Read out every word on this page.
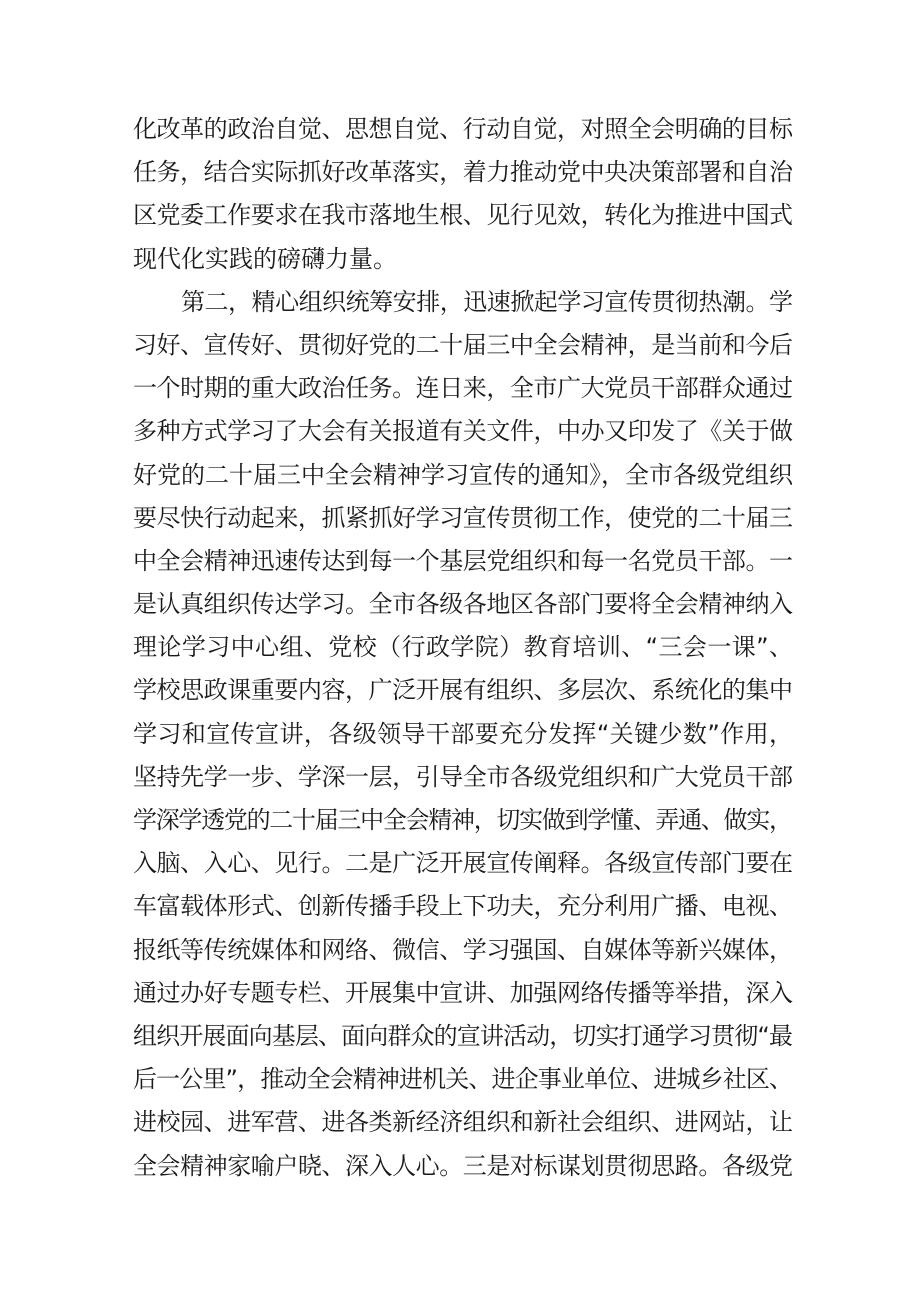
化改革的政治自觉、思想自觉、行动自觉，对照全会明确的目标
任务，结合实际抓好改革落实，着力推动党中央决策部署和自治
区党委工作要求在我市落地生根、见行见效，转化为推进中国式
现代化实践的磅礴力量。
第二，精心组织统筹安排，迅速掀起学习宣传贯彻热潮。学
习好、宣传好、贯彻好党的二十届三中全会精神，是当前和今后
一个时期的重大政治任务。连日来，全市广大党员干部群众通过
多种方式学习了大会有关报道有关文件，中办又印发了《关于做
好党的二十届三中全会精神学习宣传的通知》，全市各级党组织
要尽快行动起来，抓紧抓好学习宣传贯彻工作，使党的二十届三
中全会精神迅速传达到每一个基层党组织和每一名党员干部。一
是认真组织传达学习。全市各级各地区各部门要将全会精神纳入
理论学习中心组、党校（行政学院）教育培训、“三会一课”、
学校思政课重要内容，广泛开展有组织、多层次、系统化的集中
学习和宣传宣讲，各级领导干部要充分发挥“关键少数”作用，
坚持先学一步、学深一层，引导全市各级党组织和广大党员干部
学深学透党的二十届三中全会精神，切实做到学懂、弄通、做实，
入脑、入心、见行。二是广泛开展宣传阐释。各级宣传部门要在
车富载体形式、创新传播手段上下功夫，充分利用广播、电视、
报纸等传统媒体和网络、微信、学习强国、自媒体等新兴媒体，
通过办好专题专栏、开展集中宣讲、加强网络传播等举措，深入
组织开展面向基层、面向群众的宣讲活动，切实打通学习贯彻“最
后一公里”，推动全会精神进机关、进企事业单位、进城乡社区、
进校园、进军营、进各类新经济组织和新社会组织、进网站，让
全会精神家喻户晓、深入人心。三是对标谋划贯彻思路。各级党
